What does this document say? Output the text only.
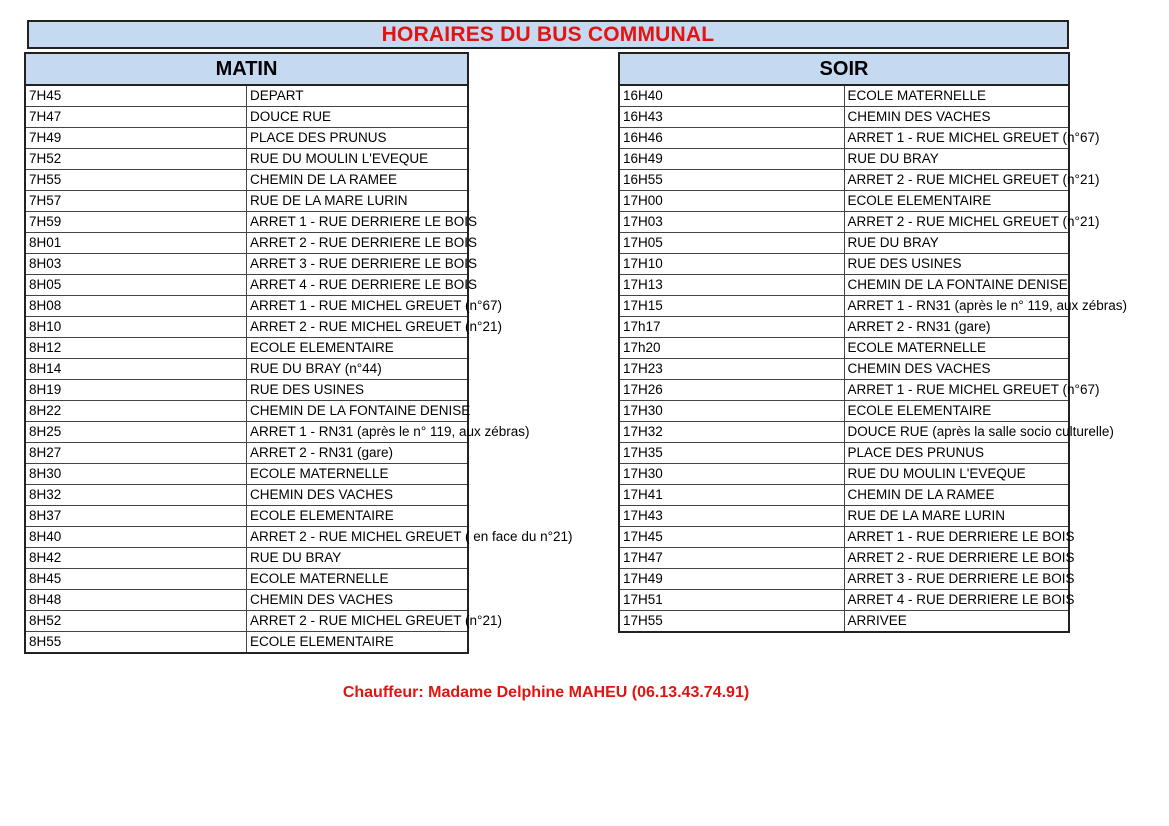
HORAIRES DU BUS COMMUNAL
MATIN	
7H45	DEPART
7H47	DOUCE RUE
7H49	PLACE DES PRUNUS
7H52	RUE DU MOULIN L'EVEQUE
7H55	CHEMIN DE LA RAMEE
7H57	RUE DE LA MARE LURIN
7H59	ARRET 1 - RUE DERRIERE LE BOIS
8H01	ARRET 2 - RUE DERRIERE LE BOIS
8H03	ARRET 3 - RUE DERRIERE LE BOIS
8H05	ARRET 4 - RUE DERRIERE LE BOIS
8H08	ARRET 1 - RUE MICHEL GREUET (n°67)
8H10	ARRET 2 - RUE MICHEL GREUET (n°21)
8H12	ECOLE ELEMENTAIRE
8H14	RUE DU BRAY (n°44)
8H19	RUE DES USINES
8H22	CHEMIN DE LA FONTAINE DENISE
8H25	ARRET 1 - RN31 (après le n° 119, aux zébras)
8H27	ARRET 2 - RN31 (gare)
8H30	ECOLE MATERNELLE
8H32	CHEMIN DES VACHES
8H37	ECOLE ELEMENTAIRE
8H40	ARRET 2 - RUE MICHEL GREUET ( en face du n°21)
8H42	RUE DU BRAY
8H45	ECOLE MATERNELLE
8H48	CHEMIN DES VACHES
8H52	ARRET 2 - RUE MICHEL GREUET (n°21)
8H55	ECOLE ELEMENTAIRE
SOIR	
16H40	ECOLE MATERNELLE
16H43	CHEMIN DES VACHES
16H46	ARRET 1 - RUE MICHEL GREUET (n°67)
16H49	RUE DU BRAY
16H55	ARRET 2 - RUE MICHEL GREUET (n°21)
17H00	ECOLE ELEMENTAIRE
17H03	ARRET 2 - RUE MICHEL GREUET (n°21)
17H05	RUE DU BRAY
17H10	RUE DES USINES
17H13	CHEMIN DE LA FONTAINE DENISE
17H15	ARRET 1 - RN31 (après le n° 119, aux zébras)
17h17	ARRET 2 - RN31 (gare)
17h20	ECOLE MATERNELLE
17H23	CHEMIN DES VACHES
17H26	ARRET 1 - RUE MICHEL GREUET (n°67)
17H30	ECOLE ELEMENTAIRE
17H32	DOUCE RUE (après la salle socio culturelle)
17H35	PLACE DES PRUNUS
17H30	RUE DU MOULIN L'EVEQUE
17H41	CHEMIN DE LA RAMEE
17H43	RUE DE LA MARE LURIN
17H45	ARRET 1 - RUE DERRIERE LE BOIS
17H47	ARRET 2 - RUE DERRIERE LE BOIS
17H49	ARRET 3 - RUE DERRIERE LE BOIS
17H51	ARRET 4 - RUE DERRIERE LE BOIS
17H55	ARRIVEE
Chauffeur: Madame Delphine MAHEU (06.13.43.74.91)
